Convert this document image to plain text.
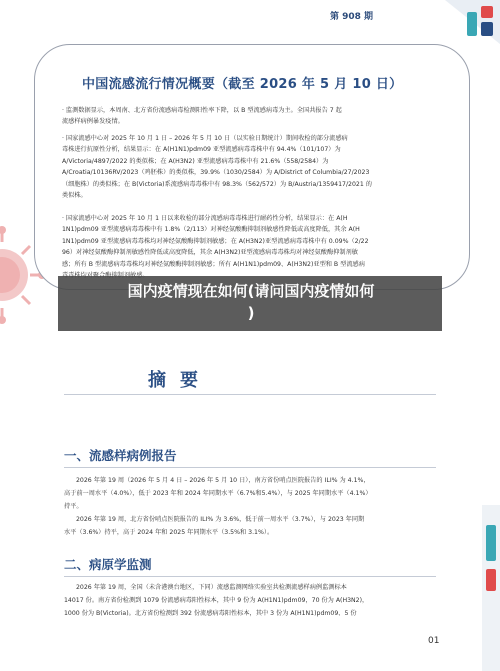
第 908 期
中国流感流行情况概要（截至 2026 年 5 月 10 日）
· 监测数据显示，本周南、北方省份流感病毒检测阳性率下降，以 B 型流感病毒为主。全国共报告 7 起
流感样病例暴发疫情。
· 国家流感中心对 2025 年 10 月 1 日 – 2026 年 5 月 10 日（以实验日期统计）期间收检的部分流感病
毒株进行抗原性分析，结果显示：在 A(H1N1)pdm09 亚型流感病毒毒株中有 94.4%（101/107）为
A/Victoria/4897/2022 的类似株；在 A(H3N2) 亚型流感病毒毒株中有 21.6%（558/2584）为
A/Croatia/10136RV/2023（鸡胚株）的类似株，39.9%（1030/2584）为 A/District of Columbia/27/2023
（细胞株）的类似株；在 B(Victoria)系流感病毒毒株中有 98.3%（562/572）为 B/Austria/1359417/2021 的
类似株。
· 国家流感中心对 2025 年 10 月 1 日以来收检的部分流感病毒毒株进行耐药性分析，结果显示：在 A(H
1N1)pdm09 亚型流感病毒毒株中有 1.8%（2/113）对神经氨酸酶抑制剂敏感性降低或高度降低，其余 A(H
1N1)pdm09 亚型流感病毒毒株均对神经氨酸酶抑制剂敏感；在 A(H3N2)亚型流感病毒毒株中有 0.09%（2/22
96）对神经氨酸酶抑制剂敏感性降低或高度降低，其余 A(H3N2)亚型流感病毒毒株均对神经氨酸酶抑制剂敏
感；所有 B 型流感病毒毒株均对神经氨酸酶抑制剂敏感；所有 A(H1N1)pdm09、A(H3N2)亚型和 B 型流感病
国内疫情现在如何(请问国内疫情如何
)
摘要
一、流感样病例报告
2026 年第 19 周（2026 年 5 月 4 日 – 2026 年 5 月 10 日），南方省份哨点医院报告的 ILI% 为 4.1%，
高于前一周水平（4.0%），低于 2023 年和 2024 年同期水平（6.7%和5.4%），与 2025 年同期水平（4.1%）
持平。
2026 年第 19 周，北方省份哨点医院报告的 ILI% 为 3.6%，低于前一周水平（3.7%），与 2023 年同期
水平（3.6%）持平，高于 2024 年和 2025 年同期水平（3.5%和 3.1%）。
二、病原学监测
2026 年第 19 周，全国（未含港澳台地区，下同）流感监测网络实验室共检测流感样病例监测标本
14017 份。南方省份检测到 1079 份流感病毒阳性标本，其中 9 份为 A(H1N1)pdm09，70 份为 A(H3N2)，
1000 份为 B(Victoria)。北方省份检测到 392 份流感病毒阳性标本，其中 3 份为 A(H1N1)pdm09、5 份
01
